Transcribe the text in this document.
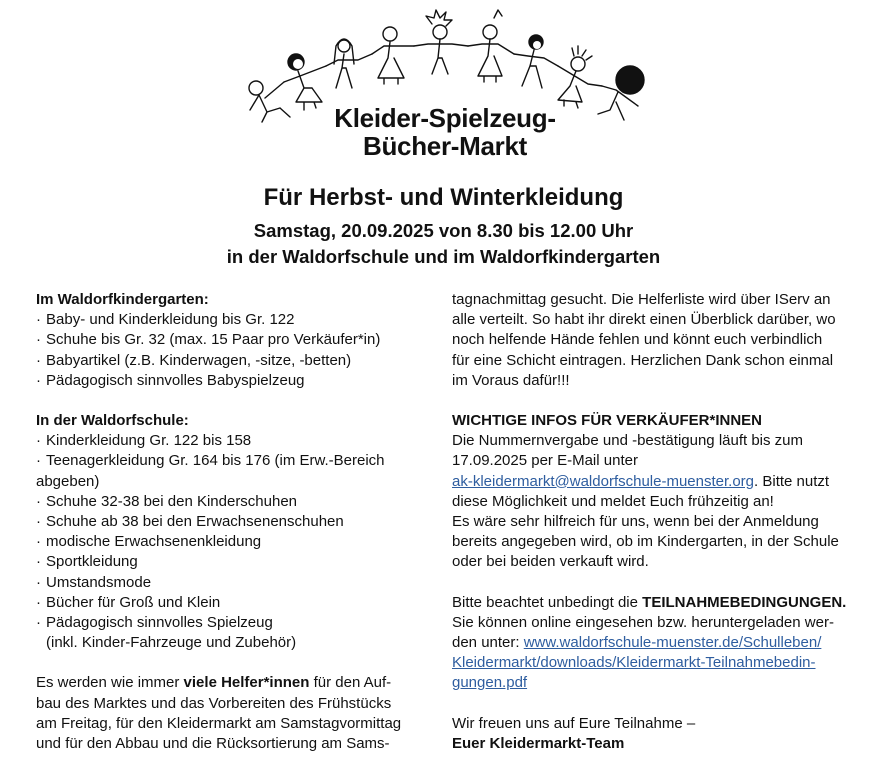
Kleider-Spielzeug-
Bücher-Markt
Für Herbst- und Winterkleidung
Samstag, 20.09.2025 von 8.30 bis 12.00 Uhr
in der Waldorfschule und im Waldorfkindergarten
Im Waldorfkindergarten:
· Baby- und Kinderkleidung bis Gr. 122
· Schuhe bis Gr. 32 (max. 15 Paar pro Verkäufer*in)
· Babyartikel (z.B. Kinderwagen, -sitze, -betten)
· Pädagogisch sinnvolles Babyspielzeug
In der Waldorfschule:
· Kinderkleidung Gr. 122 bis 158
· Teenagerkleidung Gr. 164 bis 176 (im Erw.-Bereich
abgeben)
· Schuhe 32-38 bei den Kinderschuhen
· Schuhe ab 38 bei den Erwachsenenschuhen
· modische Erwachsenenkleidung
· Sportkleidung
· Umstandsmode
· Bücher für Groß und Klein
· Pädagogisch sinnvolles Spielzeug
(inkl. Kinder-Fahrzeuge und Zubehör)
Es werden wie immer viele Helfer*innen für den Auf-
bau des Marktes und das Vorbereiten des Frühstücks
am Freitag, für den Kleidermarkt am Samstagvormittag
und für den Abbau und die Rücksortierung am Sams-
tagnachmittag gesucht. Die Helferliste wird über IServ an
alle verteilt. So habt ihr direkt einen Überblick darüber, wo
noch helfende Hände fehlen und könnt euch verbindlich
für eine Schicht eintragen. Herzlichen Dank schon einmal
im Voraus dafür!!!
WICHTIGE INFOS FÜR VERKÄUFER*INNEN
Die Nummernvergabe und -bestätigung läuft bis zum
17.09.2025 per E-Mail unter
ak-kleidermarkt@waldorfschule-muenster.org. Bitte nutzt
diese Möglichkeit und meldet Euch frühzeitig an!
Es wäre sehr hilfreich für uns, wenn bei der Anmeldung
bereits angegeben wird, ob im Kindergarten, in der Schule
oder bei beiden verkauft wird.
Bitte beachtet unbedingt die TEILNAHMEBEDINGUNGEN.
Sie können online eingesehen bzw. heruntergeladen wer-
den unter: www.waldorfschule-muenster.de/Schulleben/
Kleidermarkt/downloads/Kleidermarkt-Teilnahmebedin-
gungen.pdf
Wir freuen uns auf Eure Teilnahme –
Euer Kleidermarkt-Team
